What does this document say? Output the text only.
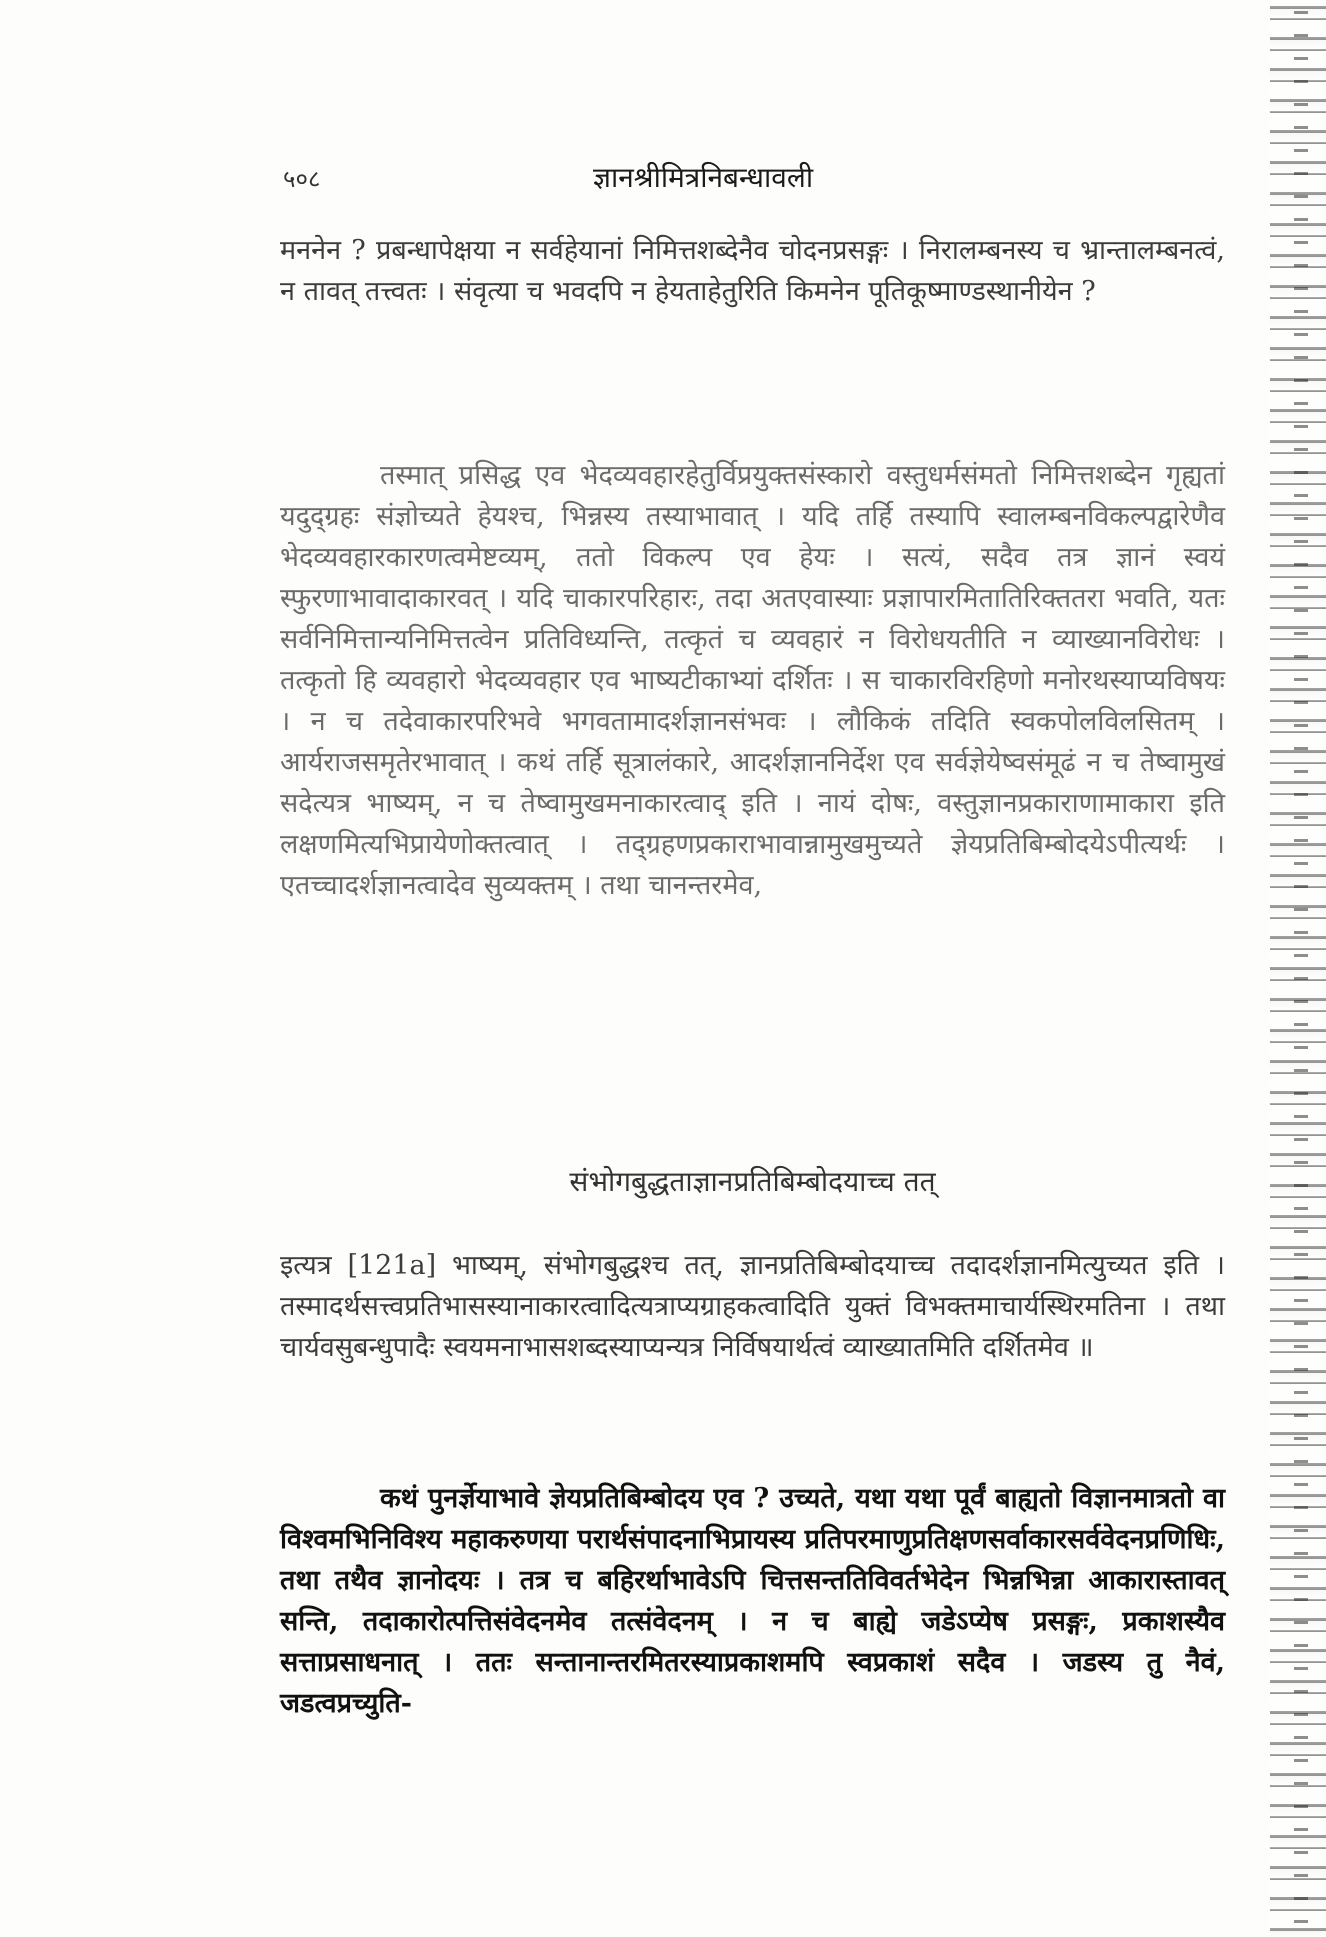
५०८	ज्ञानश्रीमित्रनिबन्धावली

मननेन ? प्रबन्धापेक्षया न सर्वहेयानां निमित्तशब्देनैव चोदनप्रसङ्गः । निरालम्बनस्य च भ्रान्तालम्बनत्वं, न तावत् तत्त्वतः । संवृत्या च भवदपि न हेयताहेतुरिति किमनेन पूतिकूष्माण्डस्थानीयेन ?

तस्मात् प्रसिद्ध एव भेदव्यवहारहेतुर्विप्रयुक्तसंस्कारो वस्तुधर्मसंमतो निमित्तशब्देन गृह्यतां यदुद्ग्रहः संज्ञोच्यते हेयश्च, भिन्नस्य तस्याभावात् । यदि तर्हि तस्यापि स्वालम्बनविकल्पद्वारेणैव भेदव्यवहारकारणत्वमेष्टव्यम्, ततो विकल्प एव हेयः । सत्यं, सदैव तत्र ज्ञानं स्वयं स्फुरणाभावादाकारवत् । यदि चाकारपरिहारः, तदा अतएवास्याः प्रज्ञापारमितातिरिक्ततरा भवति, यतः सर्वनिमित्तान्यनिमित्तत्वेन प्रतिविध्यन्ति, तत्कृतं च व्यवहारं न विरोधयतीति न व्याख्यानविरोधः । तत्कृतो हि व्यवहारो भेदव्यवहार एव भाष्यटीकाभ्यां दर्शितः । स चाकारविरहिणो मनोरथस्याप्यविषयः । न च तदेवाकारपरिभवे भगवतामादर्शज्ञानसंभवः । लौकिकं तदिति स्वकपोलविलसितम् । आर्यराजसमृतेरभावात् । कथं तर्हि सूत्रालंकारे, आदर्शज्ञाननिर्देश एव सर्वज्ञेयेष्वसंमूढं न च तेष्वामुखं सदेत्यत्र भाष्यम्, न च तेष्वामुखमनाकारत्वाद् इति । नायं दोषः, वस्तुज्ञानप्रकाराणामाकारा इति लक्षणमित्यभिप्रायेणोक्तत्वात् । तद्ग्रहणप्रकाराभावान्नामुखमुच्यते ज्ञेयप्रतिबिम्बोदयेऽपीत्यर्थः । एतच्चादर्शज्ञानत्वादेव सुव्यक्तम् । तथा चानन्तरमेव,

संभोगबुद्धताज्ञानप्रतिबिम्बोदयाच्च तत्

इत्यत्र [121a] भाष्यम्, संभोगबुद्धश्च तत्, ज्ञानप्रतिबिम्बोदयाच्च तदादर्शज्ञानमित्युच्यत इति । तस्मादर्थसत्त्वप्रतिभासस्यानाकारत्वादित्यत्राप्यग्राहकत्वादिति युक्तं विभक्तमाचार्यस्थिरमतिना । तथा चार्यवसुबन्धुपादैः स्वयमनाभासशब्दस्याप्यन्यत्र निर्विषयार्थत्वं व्याख्यातमिति दर्शितमेव ॥

कथं पुनर्ज्ञेयाभावे ज्ञेयप्रतिबिम्बोदय एव ? उच्यते, यथा यथा पूर्वं बाह्यतो विज्ञानमात्रतो वा विश्वमभिनिविश्य महाकरुणया परार्थसंपादनाभिप्रायस्य प्रतिपरमाणुप्रतिक्षणसर्वाकारसर्ववेदनप्रणिधिः, तथा तथैव ज्ञानोदयः । तत्र च बहिरर्थाभावेऽपि चित्तसन्ततिविवर्तभेदेन भिन्नभिन्ना आकारास्तावत् सन्ति, तदाकारोत्पत्तिसंवेदनमेव तत्संवेदनम् । न च बाह्ये जडेऽप्येष प्रसङ्गः, प्रकाशस्यैव सत्ताप्रसाधनात् । ततः सन्तानान्तरमितरस्याप्रकाशमपि स्वप्रकाशं सदैव । जडस्य तु नैवं, जडत्वप्रच्युति-
